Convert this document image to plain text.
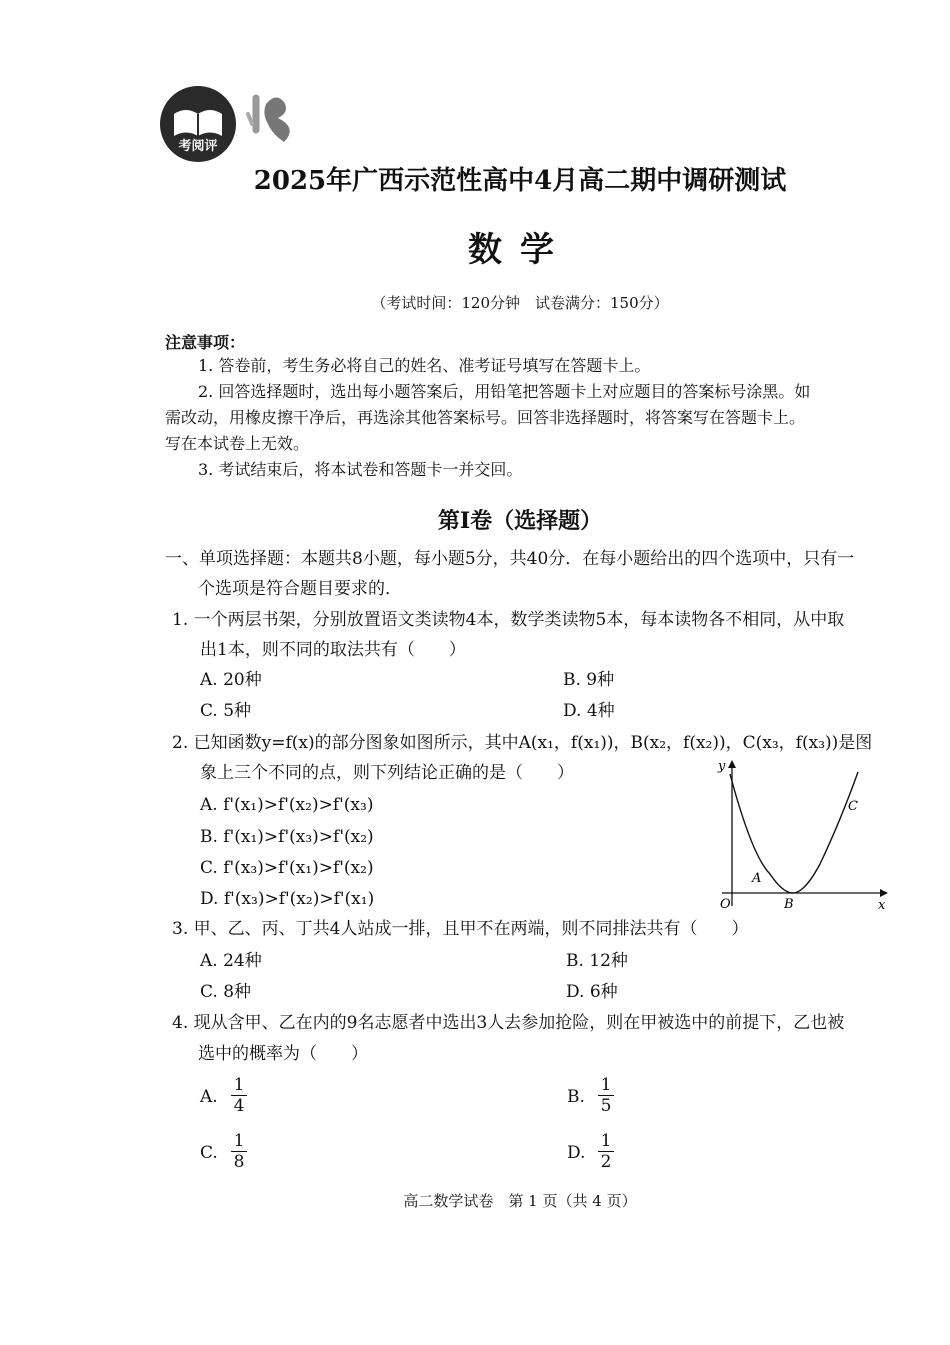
考阅评
2025年广西示范性高中4月高二期中调研测试
数学
（考试时间：120分钟　试卷满分：150分）
注意事项：
1. 答卷前，考生务必将自己的姓名、准考证号填写在答题卡上。
2. 回答选择题时，选出每小题答案后，用铅笔把答题卡上对应题目的答案标号涂黑。如
需改动，用橡皮擦干净后，再选涂其他答案标号。回答非选择题时，将答案写在答题卡上。
写在本试卷上无效。
3. 考试结束后，将本试卷和答题卡一并交回。
第Ⅰ卷（选择题）
一、单项选择题：本题共8小题，每小题5分，共40分．在每小题给出的四个选项中，只有一
个选项是符合题目要求的．
1. 一个两层书架，分别放置语文类读物4本，数学类读物5本，每本读物各不相同，从中取
出1本，则不同的取法共有（　　）
A. 20种	B. 9种
C. 5种	D. 4种
2. 已知函数y=f(x)的部分图象如图所示，其中A(x₁，f(x₁))，B(x₂，f(x₂))，C(x₃，f(x₃))是图
象上三个不同的点，则下列结论正确的是（　　）
A. f'(x₁)>f'(x₂)>f'(x₃)
B. f'(x₁)>f'(x₃)>f'(x₂)
C. f'(x₃)>f'(x₁)>f'(x₂)
D. f'(x₃)>f'(x₂)>f'(x₁)
y
x
O
A
B
C
3. 甲、乙、丙、丁共4人站成一排，且甲不在两端，则不同排法共有（　　）
A. 24种	B. 12种
C. 8种	D. 6种
4. 现从含甲、乙在内的9名志愿者中选出3人去参加抢险，则在甲被选中的前提下，乙也被
选中的概率为（　　）
A.
1
4	B.
1
5
C.
1
8	D.
1
2
高二数学试卷　第 1 页（共 4 页）
